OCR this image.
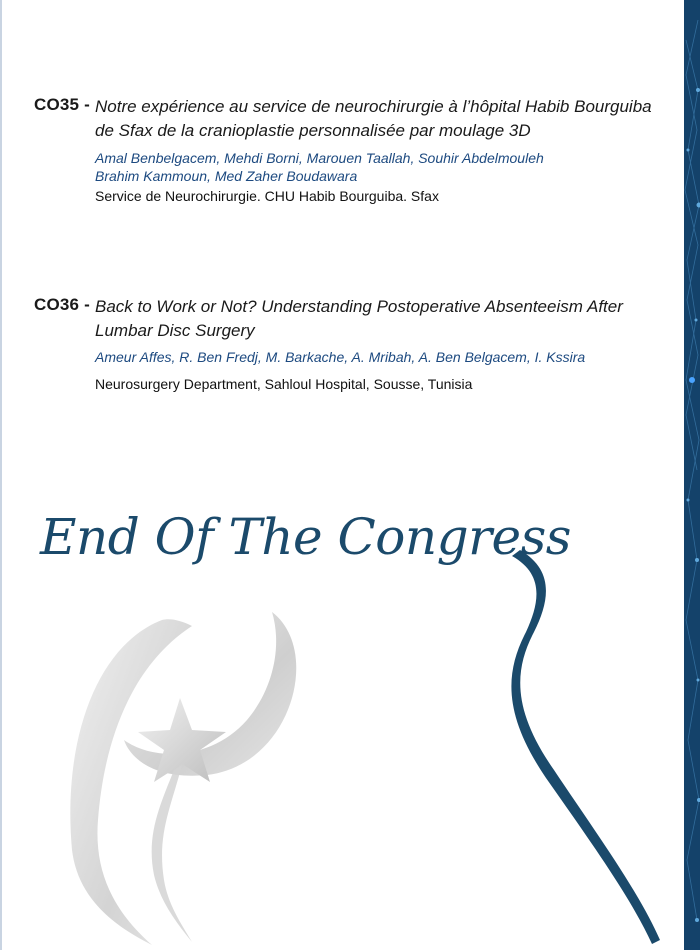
CO35 - Notre expérience au service de neurochirurgie à l’hôpital Habib Bourguiba de Sfax de la cranioplastie personnalisée par moulage 3D
Amal Benbelgacem, Mehdi Borni, Marouen Taallah, Souhir Abdelmouleh
Brahim Kammoun, Med Zaher Boudawara
Service de Neurochirurgie. CHU Habib Bourguiba. Sfax
CO36 - Back to Work or Not? Understanding Postoperative Absenteeism After Lumbar Disc Surgery
Ameur Affes, R. Ben Fredj, M. Barkache, A. Mribah, A. Ben Belgacem, I. Kssira
Neurosurgery Department, Sahloul Hospital, Sousse, Tunisia
End Of The Congress
